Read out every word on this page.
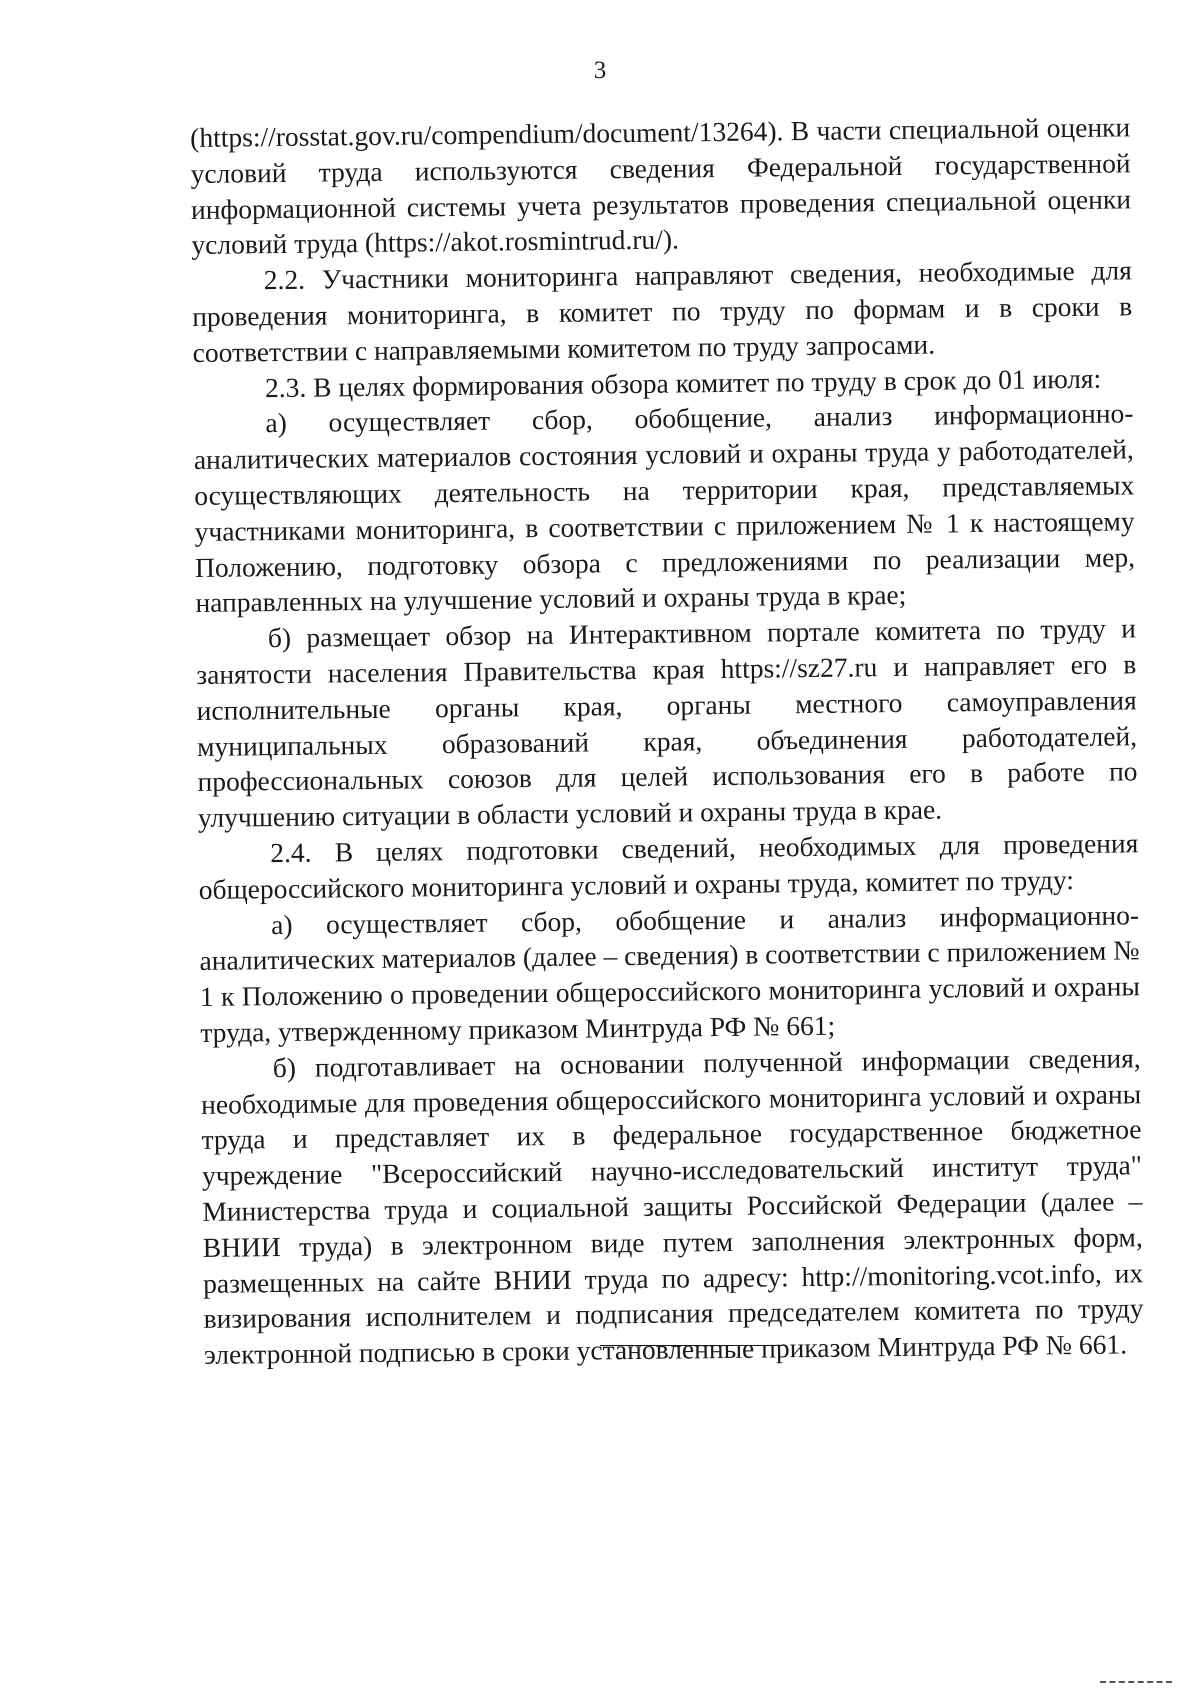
3

(https://rosstat.gov.ru/compendium/document/13264). В части специальной оценки условий труда используются сведения Федеральной государственной информационной системы учета результатов проведения специальной оценки условий труда (https://akot.rosmintrud.ru/).

2.2. Участники мониторинга направляют сведения, необходимые для проведения мониторинга, в комитет по труду по формам и в сроки в соответствии с направляемыми комитетом по труду запросами.

2.3. В целях формирования обзора комитет по труду в срок до 01 июля:

а) осуществляет сбор, обобщение, анализ информационно-аналитических материалов состояния условий и охраны труда у работодателей, осуществляющих деятельность на территории края, представляемых участниками мониторинга, в соответствии с приложением № 1 к настоящему Положению, подготовку обзора с предложениями по реализации мер, направленных на улучшение условий и охраны труда в крае;

б) размещает обзор на Интерактивном портале комитета по труду и занятости населения Правительства края https://sz27.ru и направляет его в исполнительные органы края, органы местного самоуправления муниципальных образований края, объединения работодателей, профессиональных союзов для целей использования его в работе по улучшению ситуации в области условий и охраны труда в крае.

2.4. В целях подготовки сведений, необходимых для проведения общероссийского мониторинга условий и охраны труда, комитет по труду:

а) осуществляет сбор, обобщение и анализ информационно-аналитических материалов (далее – сведения) в соответствии с приложением № 1 к Положению о проведении общероссийского мониторинга условий и охраны труда, утвержденному приказом Минтруда РФ № 661;

б) подготавливает на основании полученной информации сведения, необходимые для проведения общероссийского мониторинга условий и охраны труда и представляет их в федеральное государственное бюджетное учреждение "Всероссийский научно-исследовательский институт труда" Министерства труда и социальной защиты Российской Федерации (далее – ВНИИ труда) в электронном виде путем заполнения электронных форм, размещенных на сайте ВНИИ труда по адресу: http://monitoring.vcot.info, их визирования исполнителем и подписания председателем комитета по труду электронной подписью в сроки установленные приказом Минтруда РФ № 661.
